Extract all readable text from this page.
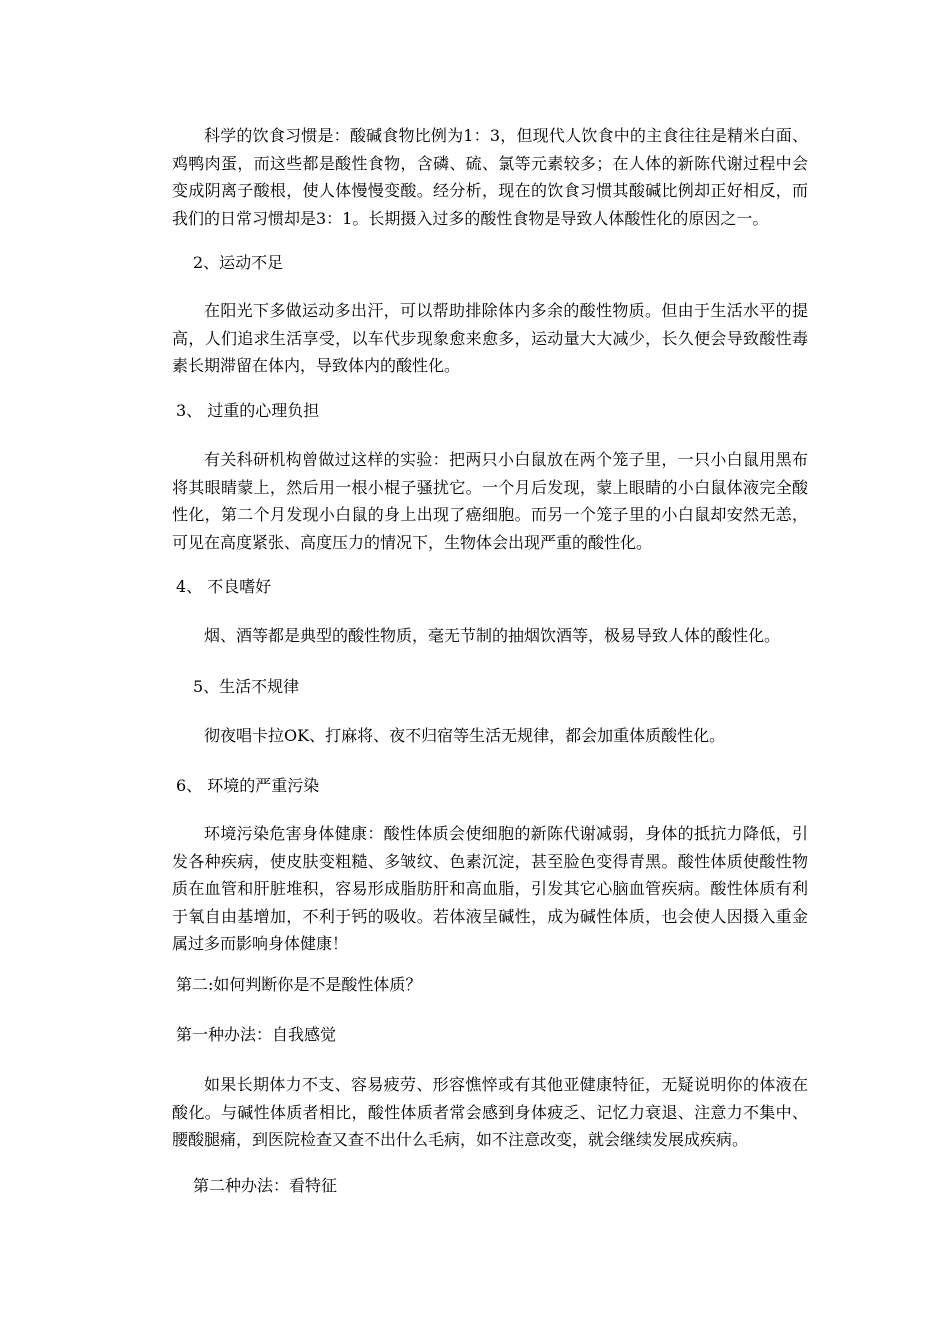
科学的饮食习惯是：酸碱食物比例为1：3，但现代人饮食中的主食往往是精米白面、鸡鸭肉蛋，而这些都是酸性食物，含磷、硫、氯等元素较多；在人体的新陈代谢过程中会变成阴离子酸根，使人体慢慢变酸。经分析，现在的饮食习惯其酸碱比例却正好相反，而我们的日常习惯却是3：1。长期摄入过多的酸性食物是导致人体酸性化的原因之一。

2、运动不足

在阳光下多做运动多出汗，可以帮助排除体内多余的酸性物质。但由于生活水平的提高，人们追求生活享受，以车代步现象愈来愈多，运动量大大减少，长久便会导致酸性毒素长期滞留在体内，导致体内的酸性化。

3、 过重的心理负担

有关科研机构曾做过这样的实验：把两只小白鼠放在两个笼子里，一只小白鼠用黑布将其眼睛蒙上，然后用一根小棍子骚扰它。一个月后发现，蒙上眼睛的小白鼠体液完全酸性化，第二个月发现小白鼠的身上出现了癌细胞。而另一个笼子里的小白鼠却安然无恙，可见在高度紧张、高度压力的情况下，生物体会出现严重的酸性化。

4、 不良嗜好

烟、酒等都是典型的酸性物质，毫无节制的抽烟饮酒等，极易导致人体的酸性化。

5、生活不规律

彻夜唱卡拉OK、打麻将、夜不归宿等生活无规律，都会加重体质酸性化。

6、 环境的严重污染

环境污染危害身体健康：酸性体质会使细胞的新陈代谢减弱，身体的抵抗力降低，引发各种疾病，使皮肤变粗糙、多皱纹、色素沉淀，甚至脸色变得青黑。酸性体质使酸性物质在血管和肝脏堆积，容易形成脂肪肝和高血脂，引发其它心脑血管疾病。酸性体质有利于氧自由基增加，不利于钙的吸收。若体液呈碱性，成为碱性体质，也会使人因摄入重金属过多而影响身体健康！

第二:如何判断你是不是酸性体质？

第一种办法：自我感觉

如果长期体力不支、容易疲劳、形容憔悴或有其他亚健康特征，无疑说明你的体液在酸化。与碱性体质者相比，酸性体质者常会感到身体疲乏、记忆力衰退、注意力不集中、腰酸腿痛，到医院检查又查不出什么毛病，如不注意改变，就会继续发展成疾病。

第二种办法：看特征
